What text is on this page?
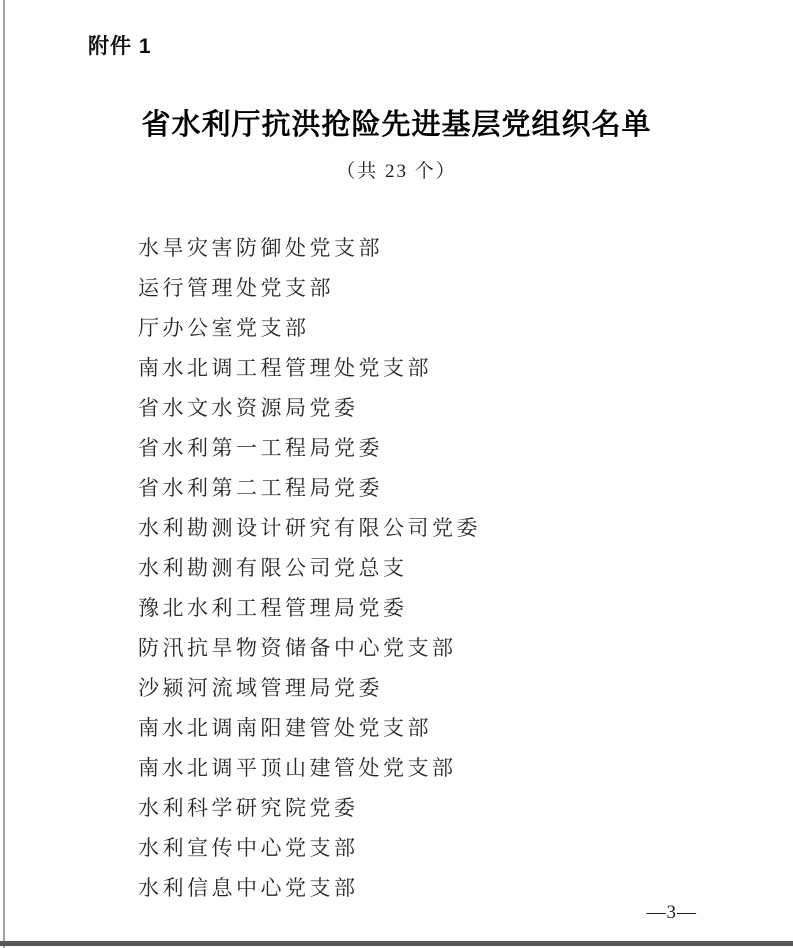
附件 1
省水利厅抗洪抢险先进基层党组织名单
（共 23 个）
水旱灾害防御处党支部
运行管理处党支部
厅办公室党支部
南水北调工程管理处党支部
省水文水资源局党委
省水利第一工程局党委
省水利第二工程局党委
水利勘测设计研究有限公司党委
水利勘测有限公司党总支
豫北水利工程管理局党委
防汛抗旱物资储备中心党支部
沙颍河流域管理局党委
南水北调南阳建管处党支部
南水北调平顶山建管处党支部
水利科学研究院党委
水利宣传中心党支部
水利信息中心党支部
—3—
